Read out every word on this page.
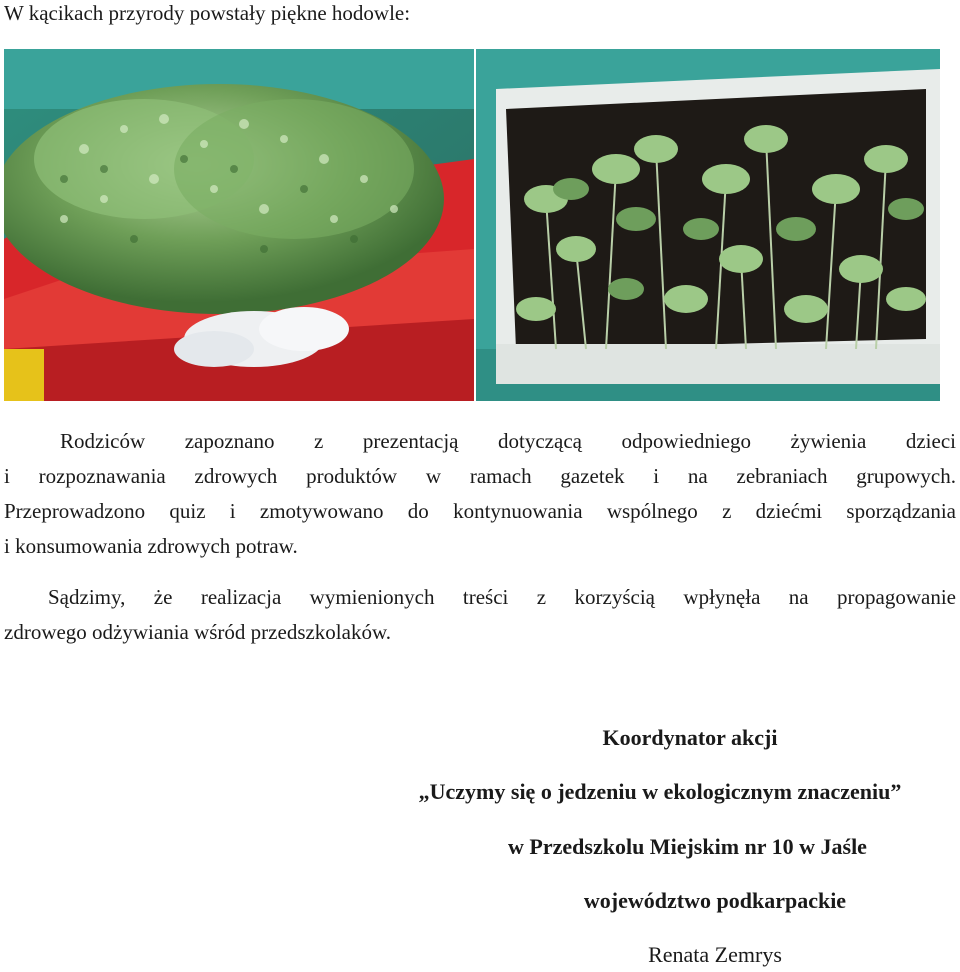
W kącikach przyrody powstały piękne hodowle:
Rodziców zapoznano z prezentacją dotyczącą odpowiedniego żywienia dzieci
i rozpoznawania zdrowych produktów w ramach gazetek i na zebraniach grupowych.
Przeprowadzono quiz i zmotywowano do kontynuowania wspólnego z dziećmi sporządzania
i konsumowania zdrowych potraw.
Sądzimy, że realizacja wymienionych treści z korzyścią wpłynęła na propagowanie
zdrowego odżywiania wśród przedszkolaków.
Koordynator akcji
„Uczymy się o jedzeniu w ekologicznym znaczeniu”
w Przedszkolu Miejskim nr 10 w Jaśle
województwo podkarpackie
Renata Zemrys
